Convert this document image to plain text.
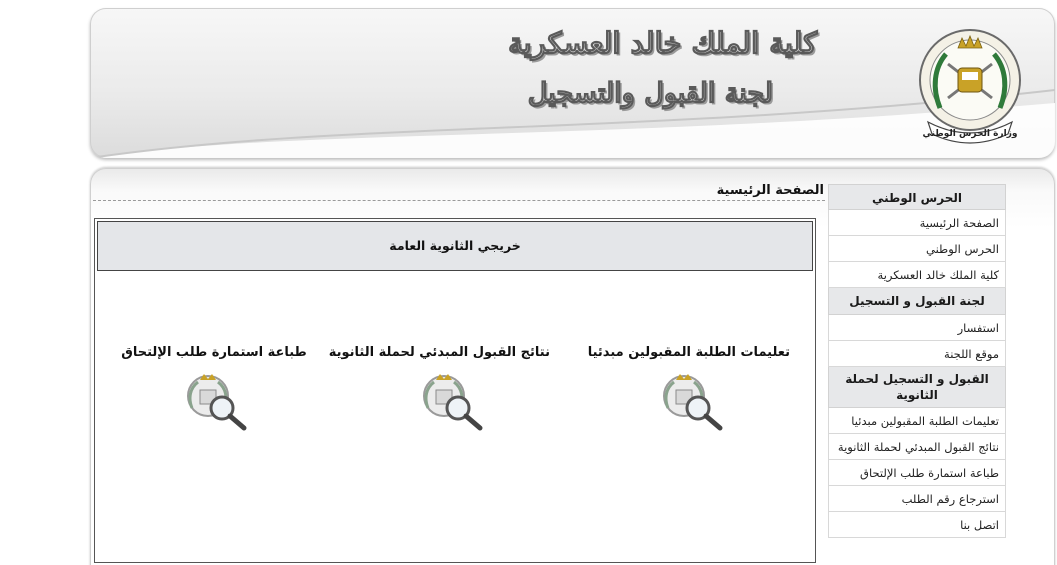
كلية الملك خالد العسكرية
لجنة القبول والتسجيل
وزارة الحرس الوطني
الصفحة الرئيسية
خريجي الثانوية العامة
تعليمات الطلبة المقبولين مبدئيا
نتائج القبول المبدئي لحملة الثانوية
طباعة استمارة طلب الإلتحاق
الحرس الوطني
الصفحة الرئيسية
الحرس الوطني
كلية الملك خالد العسكرية
لجنة القبول و التسجيل
استفسار
موقع اللجنة
القبول و التسجيل لحملة الثانوية
تعليمات الطلبة المقبولين مبدئيا
نتائج القبول المبدئي لحملة الثانوية
طباعة استمارة طلب الإلتحاق
استرجاع رقم الطلب
اتصل بنا
